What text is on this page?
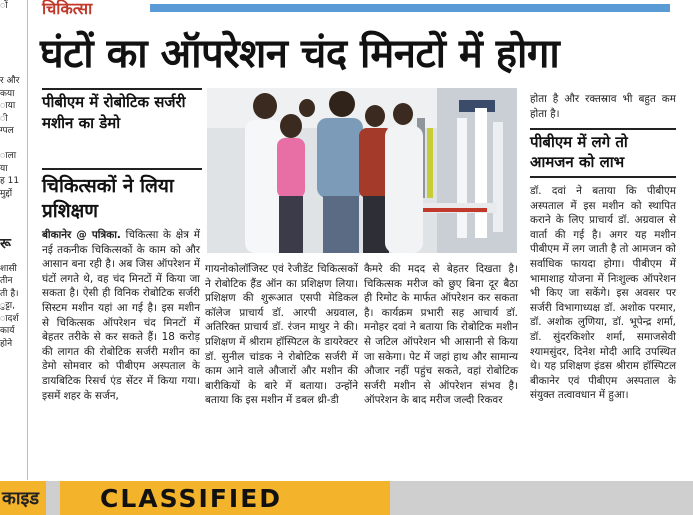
ों

र और
कया
ाया
ी
ग्पल

ाला
या
ह 11
मुद्दों

रू

शासी
तीन
ती है।
ुट्टा,
ादर्श
कार्य
होने
चिकित्सा
घंटों का ऑपरेशन चंद मिनटों में होगा
पीबीएम में रोबोटिक सर्जरी मशीन का डेमो
चिकित्सकों ने लिया प्रशिक्षण
बीकानेर @ पत्रिका. चिकित्सा के क्षेत्र में नई तकनीक चिकित्सकों के काम को और आसान बना रही है। अब जिस ऑपरेशन में घंटों लगते थे, वह चंद मिनटों में किया जा सकता है। ऐसी ही विनिक रोबोटिक सर्जरी सिस्टम मशीन यहां आ गई है। इस मशीन से चिकित्सक ऑपरेशन चंद मिनटों में बेहतर तरीके से कर सकते हैं। 18 करोड़ की लागत की रोबोटिक सर्जरी मशीन का डेमो सोमवार को पीबीएम अस्पताल के डायबिटिक रिसर्च एंड सेंटर में किया गया। इसमें शहर के सर्जन,
गायनोकोलॉजिस्ट एवं रेजीडेंट चिकित्सकों ने रोबोटिक हैंड ऑन का प्रशिक्षण लिया। प्रशिक्षण की शुरूआत एसपी मेडिकल कॉलेज प्राचार्य डॉ. आरपी अग्रवाल, अतिरिक्त प्राचार्य डॉ. रंजन माथुर ने की। प्रशिक्षण में श्रीराम हॉस्पिटल के डायरेक्टर डॉ. सुनील चांडक ने रोबोटिक सर्जरी में काम आने वाले औजारों और मशीन की बारीकियों के बारे में बताया। उन्होंने बताया कि इस मशीन में डबल थ्री-डी
कैमरे की मदद से बेहतर दिखता है। चिकित्सक मरीज को छुए बिना दूर बैठा ही रिमोट के मार्फत ऑपरेशन कर सकता है। कार्यक्रम प्रभारी सह आचार्य डॉ. मनोहर दवां ने बताया कि रोबोटिक मशीन से जटिल ऑपरेशन भी आसानी से किया जा सकेगा। पेट में जहां हाथ और सामान्य औजार नहीं पहुंच सकते, वहां रोबोटिक सर्जरी मशीन से ऑपरेशन संभव है। ऑपरेशन के बाद मरीज जल्दी रिकवर
होता है और रक्तस्राव भी बहुत कम होता है।
पीबीएम में लगे तो आमजन को लाभ
डॉ. दवां ने बताया कि पीबीएम अस्पताल में इस मशीन को स्थापित कराने के लिए प्राचार्य डॉ. अग्रवाल से वार्ता की गई है। अगर यह मशीन पीबीएम में लग जाती है तो आमजन को सर्वाधिक फायदा होगा। पीबीएम में भामाशाह योजना में निःशुल्क ऑपरेशन भी किए जा सकेंगे। इस अवसर पर सर्जरी विभागाध्यक्ष डॉ. अशोक परमार, डॉ. अशोक लुणिया, डॉ. भूपेन्द्र शर्मा, डॉ. सुंदरकिशोर शर्मा, समाजसेवी श्यामसुंदर, दिनेश मोदी आदि उपस्थित थे। यह प्रशिक्षण इंडस श्रीराम हॉस्पिटल बीकानेर एवं पीबीएम अस्पताल के संयुक्त तत्वावधान में हुआ।
काइड CLASSIFIED
